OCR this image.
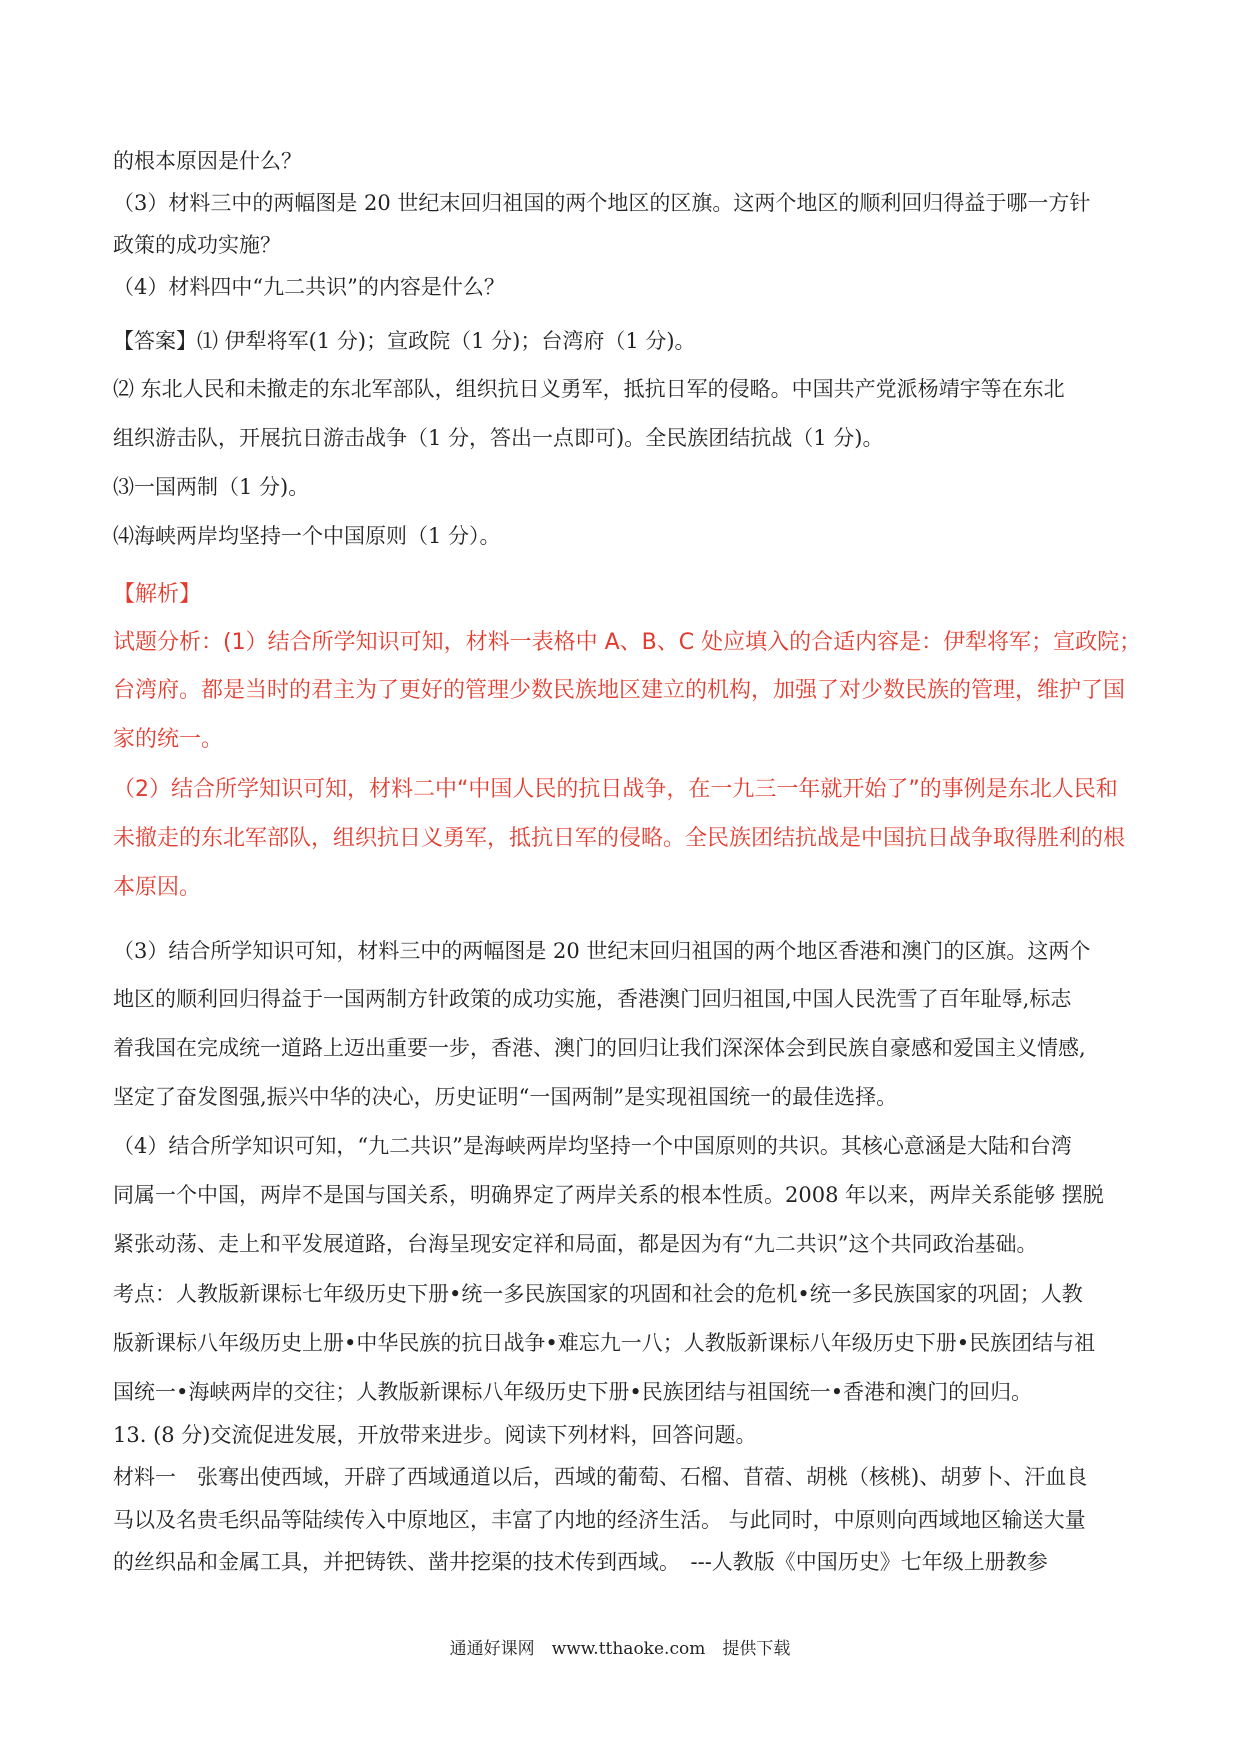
的根本原因是什么？
（3）材料三中的两幅图是 20 世纪末回归祖国的两个地区的区旗。这两个地区的顺利回归得益于哪一方针
政策的成功实施？
（4）材料四中“九二共识”的内容是什么？
【答案】⑴ 伊犁将军(1 分)；宣政院（1 分)；台湾府（1 分)。
⑵ 东北人民和未撤走的东北军部队，组织抗日义勇军，抵抗日军的侵略。中国共产党派杨靖宇等在东北
组织游击队，开展抗日游击战争（1 分，答出一点即可)。全民族团结抗战（1 分)。
⑶一国两制（1 分)。
⑷海峡两岸均坚持一个中国原则（1 分）。
【解析】
试题分析：(1）结合所学知识可知，材料一表格中 A、B、C 处应填入的合适内容是：伊犁将军；宣政院；
台湾府。都是当时的君主为了更好的管理少数民族地区建立的机构，加强了对少数民族的管理，维护了国
家的统一。
（2）结合所学知识可知，材料二中“中国人民的抗日战争，在一九三一年就开始了”的事例是东北人民和
未撤走的东北军部队，组织抗日义勇军，抵抗日军的侵略。全民族团结抗战是中国抗日战争取得胜利的根
本原因。
（3）结合所学知识可知，材料三中的两幅图是 20 世纪末回归祖国的两个地区香港和澳门的区旗。这两个
地区的顺利回归得益于一国两制方针政策的成功实施，香港澳门回归祖国,中国人民洗雪了百年耻辱,标志
着我国在完成统一道路上迈出重要一步，香港、澳门的回归让我们深深体会到民族自豪感和爱国主义情感,
坚定了奋发图强,振兴中华的决心，历史证明“一国两制”是实现祖国统一的最佳选择。
（4）结合所学知识可知，“九二共识”是海峡两岸均坚持一个中国原则的共识。其核心意涵是大陆和台湾
同属一个中国，两岸不是国与国关系，明确界定了两岸关系的根本性质。2008 年以来，两岸关系能够 摆脱
紧张动荡、走上和平发展道路，台海呈现安定祥和局面，都是因为有“九二共识”这个共同政治基础。
考点：人教版新课标七年级历史下册•统一多民族国家的巩固和社会的危机•统一多民族国家的巩固；人教
版新课标八年级历史上册•中华民族的抗日战争•难忘九一八；人教版新课标八年级历史下册•民族团结与祖
国统一•海峡两岸的交往；人教版新课标八年级历史下册•民族团结与祖国统一•香港和澳门的回归。
13. (8 分)交流促进发展，开放带来进步。阅读下列材料，回答问题。
材料一　张骞出使西域，开辟了西域通道以后，西域的葡萄、石榴、苜蓿、胡桃（核桃)、胡萝卜、汗血良
马以及名贵毛织品等陆续传入中原地区，丰富了内地的经济生活。 与此同时，中原则向西域地区输送大量
的丝织品和金属工具，并把铸铁、凿井挖渠的技术传到西域。　---人教版《中国历史》七年级上册教参
通通好课网　www.tthaoke.com　提供下载
